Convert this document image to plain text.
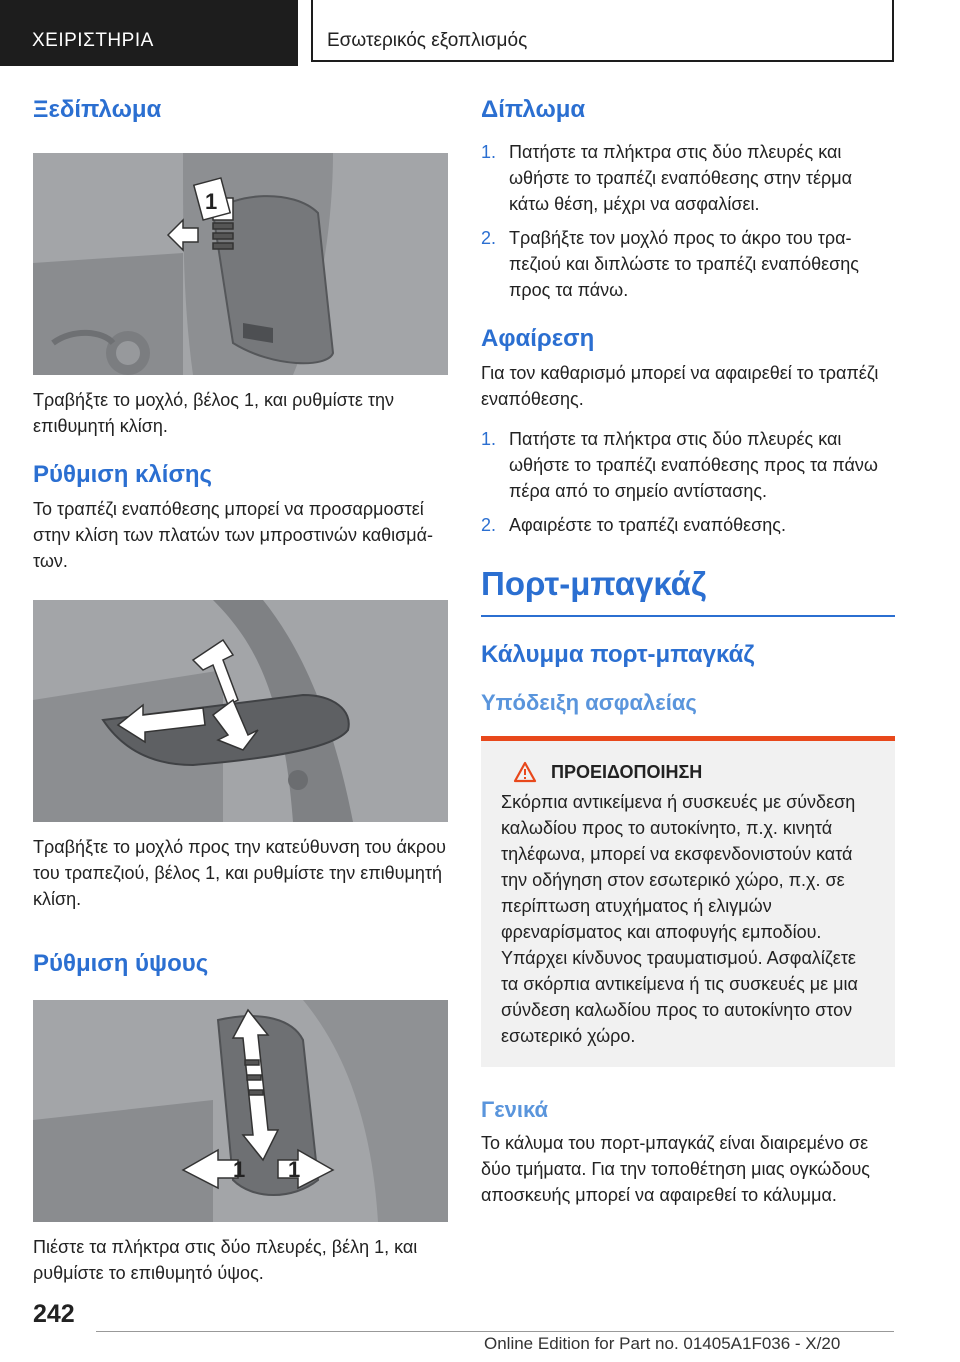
ΧΕΙΡΙΣΤΗΡΙΑ	Εσωτερικός εξοπλισμός
Ξεδίπλωμα
1

Τραβήξτε το μοχλό, βέλος 1, και ρυθμίστε την επιθυμητή κλίση.

Ρύθμιση κλίσης

Το τραπέζι εναπόθεσης μπορεί να προσαρμοστεί στην κλίση των πλατών των μπροστινών καθισμάτων.

Τραβήξτε το μοχλό προς την κατεύθυνση του άκρου του τραπεζιού, βέλος 1, και ρυθμίστε την επιθυμητή κλίση.

Ρύθμιση ύψους
1 1

Πιέστε τα πλήκτρα στις δύο πλευρές, βέλη 1, και ρυθμίστε το επιθυμητό ύψος.

Δίπλωμα
1. Πατήστε τα πλήκτρα στις δύο πλευρές και ωθήστε το τραπέζι εναπόθεσης στην τέρμα κάτω θέση, μέχρι να ασφαλίσει.
2. Τραβήξτε τον μοχλό προς το άκρο του τραπεζιού και διπλώστε το τραπέζι εναπόθεσης προς τα πάνω.
Αφαίρεση

Για τον καθαρισμό μπορεί να αφαιρεθεί το τραπέζι εναπόθεσης.

1. Πατήστε τα πλήκτρα στις δύο πλευρές και ωθήστε το τραπέζι εναπόθεσης προς τα πάνω πέρα από το σημείο αντίστασης.
2. Αφαιρέστε το τραπέζι εναπόθεσης.
Πορτ-μπαγκάζ
Κάλυμμα πορτ-μπαγκάζ
Υπόδειξη ασφαλείας
ΠΡΟΕΙΔΟΠΟΙΗΣΗ

Σκόρπια αντικείμενα ή συσκευές με σύνδεση καλωδίου προς το αυτοκίνητο, π.χ. κινητά τηλέφωνα, μπορεί να εκσφενδονιστούν κατά την οδήγηση στον εσωτερικό χώρο, π.χ. σε περίπτωση ατυχήματος ή ελιγμών φρεναρίσματος και αποφυγής εμποδίου. Υπάρχει κίνδυνος τραυματισμού. Ασφαλίζετε τα σκόρπια αντικείμενα ή τις συσκευές με μια σύνδεση καλωδίου προς το αυτοκίνητο στον εσωτερικό χώρο.

Γενικά

Το κάλυμα του πορτ-μπαγκάζ είναι διαιρεμένο σε δύο τμήματα. Για την τοποθέτηση μιας ογκώδους αποσκευής μπορεί να αφαιρεθεί το κάλυμμα.

242
Online Edition for Part no. 01405A1F036 - X/20
